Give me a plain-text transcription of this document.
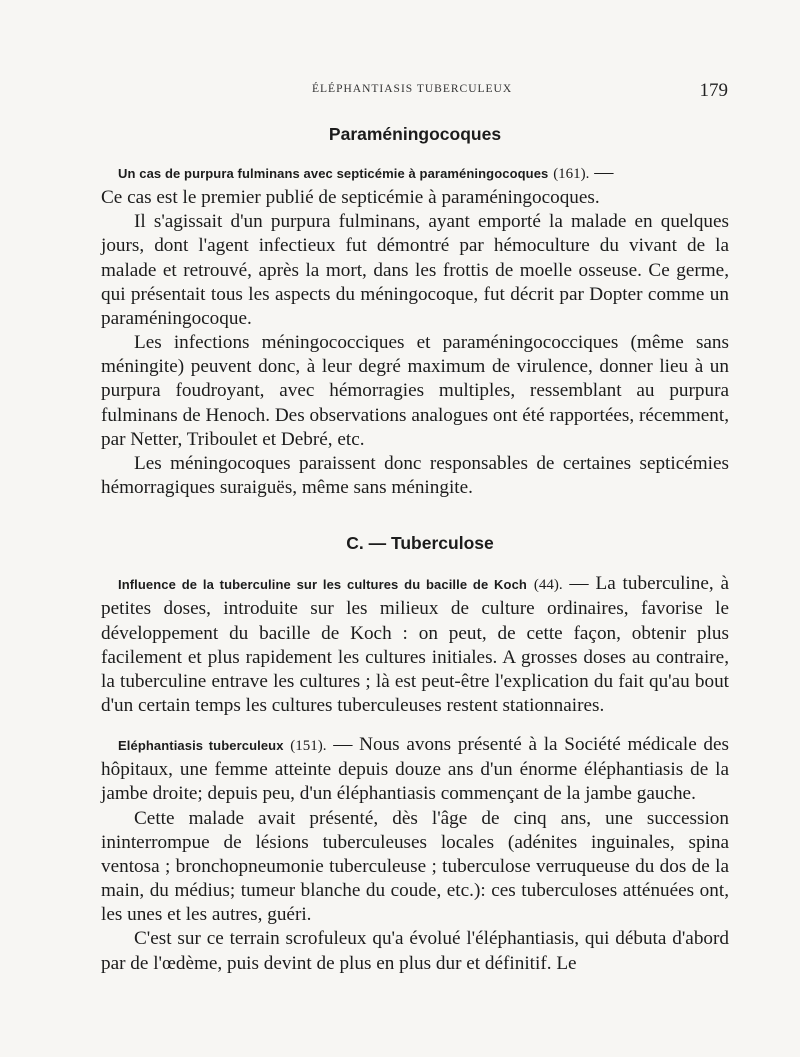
ÉLÉPHANTIASIS TUBERCULEUX	179
Paraméningocoques

Un cas de purpura fulminans avec septicémie à paraméningocoques (161). —

Ce cas est le premier publié de septicémie à paraméningocoques.

Il s'agissait d'un purpura fulminans, ayant emporté la malade en quelques jours, dont l'agent infectieux fut démontré par hémoculture du vivant de la malade et retrouvé, après la mort, dans les frottis de moelle osseuse. Ce germe, qui présentait tous les aspects du méningocoque, fut décrit par Dopter comme un paraméningocoque.

Les infections méningococciques et paraméningococciques (même sans méningite) peuvent donc, à leur degré maximum de virulence, donner lieu à un purpura foudroyant, avec hémorragies multiples, ressemblant au purpura fulminans de Henoch. Des observations analogues ont été rapportées, récemment, par Netter, Triboulet et Debré, etc.

Les méningocoques paraissent donc responsables de certaines septicémies hémorragiques suraiguës, même sans méningite.

C. — Tuberculose

Influence de la tuberculine sur les cultures du bacille de Koch (44). — La tuberculine, à petites doses, introduite sur les milieux de culture ordinaires, favorise le développement du bacille de Koch : on peut, de cette façon, obtenir plus facilement et plus rapidement les cultures initiales. A grosses doses au contraire, la tuberculine entrave les cultures ; là est peut-être l'explication du fait qu'au bout d'un certain temps les cultures tuberculeuses restent stationnaires.

Eléphantiasis tuberculeux (151). — Nous avons présenté à la Société médicale des hôpitaux, une femme atteinte depuis douze ans d'un énorme éléphantiasis de la jambe droite; depuis peu, d'un éléphantiasis commençant de la jambe gauche.

Cette malade avait présenté, dès l'âge de cinq ans, une succession ininterrompue de lésions tuberculeuses locales (adénites inguinales, spina ventosa ; bronchopneumonie tuberculeuse ; tuberculose verruqueuse du dos de la main, du médius; tumeur blanche du coude, etc.): ces tuberculoses atténuées ont, les unes et les autres, guéri.

C'est sur ce terrain scrofuleux qu'a évolué l'éléphantiasis, qui débuta d'abord par de l'œdème, puis devint de plus en plus dur et définitif. Le
